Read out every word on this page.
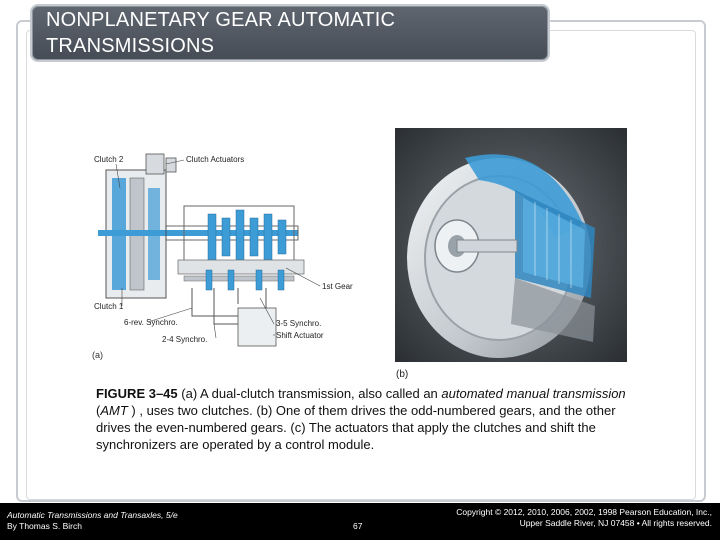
NONPLANETARY GEAR AUTOMATIC
TRANSMISSIONS
Clutch 2	Clutch Actuators
1st Gear
Clutch 1
6-rev. Synchro.	3-5 Synchro.
Shift Actuator
2-4 Synchro.
(a)
(b)
FIGURE 3–45 (a) A dual-clutch transmission, also called an automated manual transmission (AMT ) , uses two clutches. (b) One of them drives the odd-numbered gears, and the other drives the even-numbered gears. (c) The actuators that apply the clutches and shift the synchronizers are operated by a control module.
Automatic Transmissions and Transaxles, 5/e
By Thomas S. Birch	67
Copyright © 2012, 2010, 2006, 2002, 1998 Pearson Education, Inc.,
Upper Saddle River, NJ 07458 • All rights reserved.
